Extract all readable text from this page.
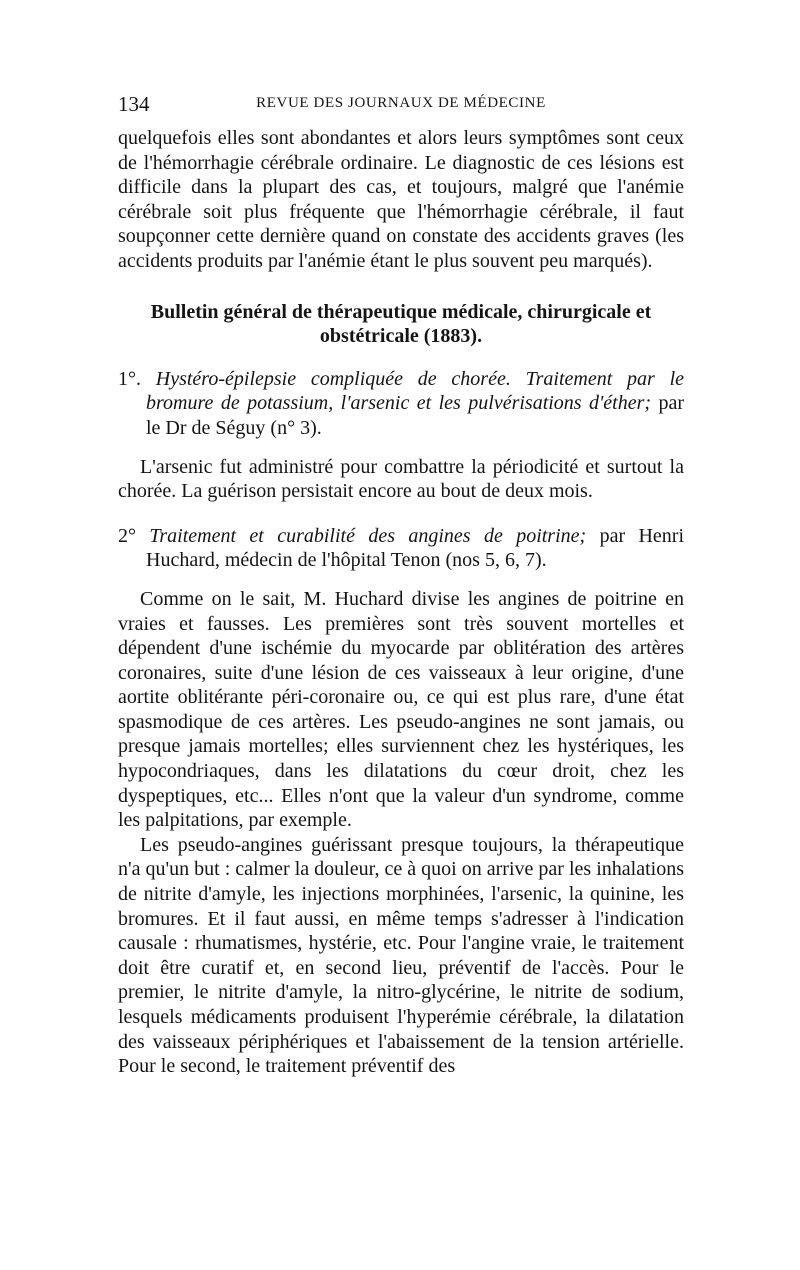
134	REVUE DES JOURNAUX DE MÉDECINE

quelquefois elles sont abondantes et alors leurs symptômes sont ceux de l'hémorrhagie cérébrale ordinaire. Le diagnostic de ces lésions est difficile dans la plupart des cas, et toujours, malgré que l'anémie cérébrale soit plus fréquente que l'hémorrhagie cérébrale, il faut soupçonner cette dernière quand on constate des accidents graves (les accidents produits par l'anémie étant le plus souvent peu marqués).

Bulletin général de thérapeutique médicale, chirurgicale et obstétricale (1883).

1°. Hystéro-épilepsie compliquée de chorée. Traitement par le bromure de potassium, l'arsenic et les pulvérisations d'éther; par le Dr de Séguy (n° 3).

L'arsenic fut administré pour combattre la périodicité et surtout la chorée. La guérison persistait encore au bout de deux mois.

2° Traitement et curabilité des angines de poitrine; par Henri Huchard, médecin de l'hôpital Tenon (nos 5, 6, 7).

Comme on le sait, M. Huchard divise les angines de poitrine en vraies et fausses. Les premières sont très souvent mortelles et dépendent d'une ischémie du myocarde par oblitération des artères coronaires, suite d'une lésion de ces vaisseaux à leur origine, d'une aortite oblitérante péri-coronaire ou, ce qui est plus rare, d'une état spasmodique de ces artères. Les pseudo-angines ne sont jamais, ou presque jamais mortelles; elles surviennent chez les hystériques, les hypocondriaques, dans les dilatations du cœur droit, chez les dyspeptiques, etc... Elles n'ont que la valeur d'un syndrome, comme les palpitations, par exemple.

Les pseudo-angines guérissant presque toujours, la thérapeutique n'a qu'un but : calmer la douleur, ce à quoi on arrive par les inhalations de nitrite d'amyle, les injections morphinées, l'arsenic, la quinine, les bromures. Et il faut aussi, en même temps s'adresser à l'indication causale : rhumatismes, hystérie, etc. Pour l'angine vraie, le traitement doit être curatif et, en second lieu, préventif de l'accès. Pour le premier, le nitrite d'amyle, la nitro-glycérine, le nitrite de sodium, lesquels médicaments produisent l'hyperémie cérébrale, la dilatation des vaisseaux périphériques et l'abaissement de la tension artérielle. Pour le second, le traitement préventif des
